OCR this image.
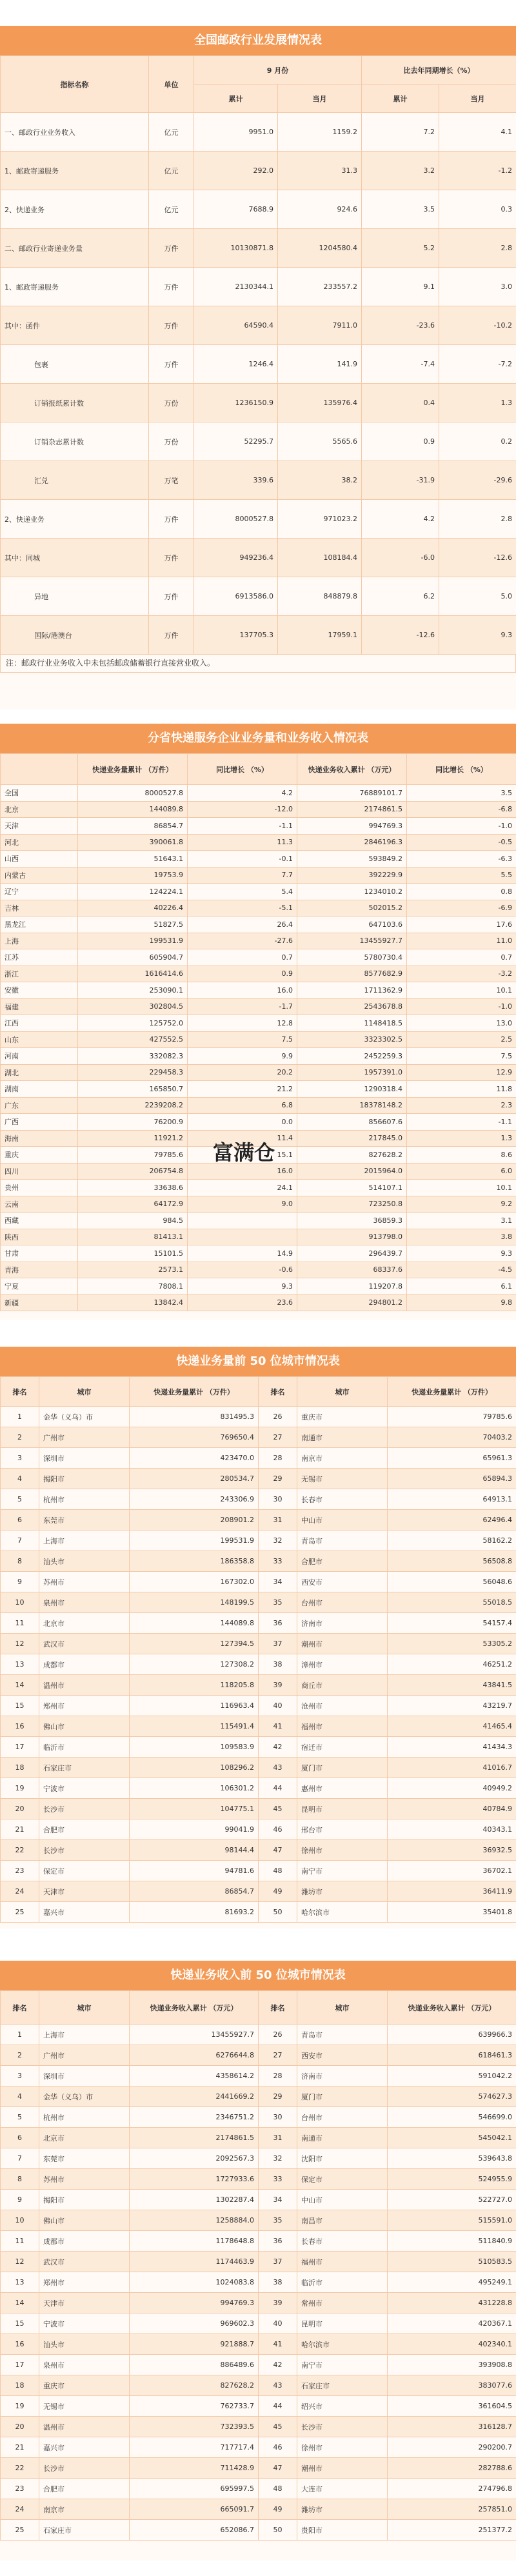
全国邮政行业发展情况表
指标名称	单位	9 月份		比去年同期增长（%）	
		累计	当月	累计	当月
一、邮政行业业务收入	亿元	9951.0	1159.2	7.2	4.1
1、邮政寄递服务	亿元	292.0	31.3	3.2	-1.2
2、快递业务	亿元	7688.9	924.6	3.5	0.3
二、邮政行业寄递业务量	万件	10130871.8	1204580.4	5.2	2.8
1、邮政寄递服务	万件	2130344.1	233557.2	9.1	3.0
其中：函件	万件	64590.4	7911.0	-23.6	-10.2
包裹	万件	1246.4	141.9	-7.4	-7.2
订销报纸累计数	万份	1236150.9	135976.4	0.4	1.3
订销杂志累计数	万份	52295.7	5565.6	0.9	0.2
汇兑	万笔	339.6	38.2	-31.9	-29.6
2、快递业务	万件	8000527.8	971023.2	4.2	2.8
其中：同城	万件	949236.4	108184.4	-6.0	-12.6
异地	万件	6913586.0	848879.8	6.2	5.0
国际/港澳台	万件	137705.3	17959.1	-12.6	9.3
注：邮政行业业务收入中未包括邮政储蓄银行直接营业收入。
分省快递服务企业业务量和业务收入情况表
	快递业务量累计 （万件）	同比增长 （%）	快递业务收入累计 （万元）	同比增长 （%）
全国	8000527.8	4.2	76889101.7	3.5
北京	144089.8	-12.0	2174861.5	-6.8
天津	86854.7	-1.1	994769.3	-1.0
河北	390061.8	11.3	2846196.3	-0.5
山西	51643.1	-0.1	593849.2	-6.3
内蒙古	19753.9	7.7	392229.9	5.5
辽宁	124224.1	5.4	1234010.2	0.8
吉林	40226.4	-5.1	502015.2	-6.9
黑龙江	51827.5	26.4	647103.6	17.6
上海	199531.9	-27.6	13455927.7	11.0
江苏	605904.7	0.7	5780730.4	0.7
浙江	1616414.6	0.9	8577682.9	-3.2
安徽	253090.1	16.0	1711362.9	10.1
福建	302804.5	-1.7	2543678.8	-1.0
江西	125752.0	12.8	1148418.5	13.0
山东	427552.5	7.5	3323302.5	2.5
河南	332082.3	9.9	2452259.3	7.5
湖北	229458.3	20.2	1957391.0	12.9
湖南	165850.7	21.2	1290318.4	11.8
广东	2239208.2	6.8	18378148.2	2.3
广西	76200.9	0.0	856607.6	-1.1
海南	11921.2	11.4	217845.0	1.3
重庆	79785.6	15.1	827628.2	8.6
四川	206754.8	16.0	2015964.0	6.0
贵州	33638.6	24.1	514107.1	10.1
云南	64172.9	9.0	723250.8	9.2
西藏	984.5		36859.3	3.1
陕西	81413.1		913798.0	3.8
甘肃	15101.5	14.9	296439.7	9.3
青海	2573.1	-0.6	68337.6	-4.5
宁夏	7808.1	9.3	119207.8	6.1
新疆	13842.4	23.6	294801.2	9.8
富满仓
快递业务量前 50 位城市情况表
排名	城市	快递业务量累计 （万件）	排名	城市	快递业务量累计 （万件）
1	金华（义乌）市	831495.3	26	重庆市	79785.6
2	广州市	769650.4	27	南通市	70403.2
3	深圳市	423470.0	28	南京市	65961.3
4	揭阳市	280534.7	29	无锡市	65894.3
5	杭州市	243306.9	30	长春市	64913.1
6	东莞市	208901.2	31	中山市	62496.4
7	上海市	199531.9	32	青岛市	58162.2
8	汕头市	186358.8	33	合肥市	56508.8
9	苏州市	167302.0	34	西安市	56048.6
10	泉州市	148199.5	35	台州市	55018.5
11	北京市	144089.8	36	济南市	54157.4
12	武汉市	127394.5	37	潮州市	53305.2
13	成都市	127308.2	38	漳州市	46251.2
14	温州市	118205.8	39	商丘市	43841.5
15	郑州市	116963.4	40	沧州市	43219.7
16	佛山市	115491.4	41	福州市	41465.4
17	临沂市	109583.9	42	宿迁市	41434.3
18	石家庄市	108296.2	43	厦门市	41016.7
19	宁波市	106301.2	44	惠州市	40949.2
20	长沙市	104775.1	45	昆明市	40784.9
21	合肥市	99041.9	46	邢台市	40343.1
22	长沙市	98144.4	47	徐州市	36932.5
23	保定市	94781.6	48	南宁市	36702.1
24	天津市	86854.7	49	潍坊市	36411.9
25	嘉兴市	81693.2	50	哈尔滨市	35401.8
快递业务收入前 50 位城市情况表
排名	城市	快递业务收入累计 （万元）	排名	城市	快递业务收入累计 （万元）
1	上海市	13455927.7	26	青岛市	639966.3
2	广州市	6276644.8	27	西安市	618461.3
3	深圳市	4358614.2	28	济南市	591042.2
4	金华（义乌）市	2441669.2	29	厦门市	574627.3
5	杭州市	2346751.2	30	台州市	546699.0
6	北京市	2174861.5	31	南通市	545042.1
7	东莞市	2092567.3	32	沈阳市	539643.8
8	苏州市	1727933.6	33	保定市	524955.9
9	揭阳市	1302287.4	34	中山市	522727.0
10	佛山市	1258884.0	35	南昌市	515591.0
11	成都市	1178648.8	36	长春市	511840.9
12	武汉市	1174463.9	37	福州市	510583.5
13	郑州市	1024083.8	38	临沂市	495249.1
14	天津市	994769.3	39	常州市	431228.8
15	宁波市	969602.3	40	昆明市	420367.1
16	汕头市	921888.7	41	哈尔滨市	402340.1
17	泉州市	886489.6	42	南宁市	393908.8
18	重庆市	827628.2	43	石家庄市	383077.6
19	无锡市	762733.7	44	绍兴市	361604.5
20	温州市	732393.5	45	长沙市	316128.7
21	嘉兴市	717717.4	46	徐州市	290200.7
22	长沙市	711428.9	47	潮州市	282788.6
23	合肥市	695997.5	48	大连市	274796.8
24	南京市	665091.7	49	潍坊市	257851.0
25	石家庄市	652086.7	50	贵阳市	251377.2
